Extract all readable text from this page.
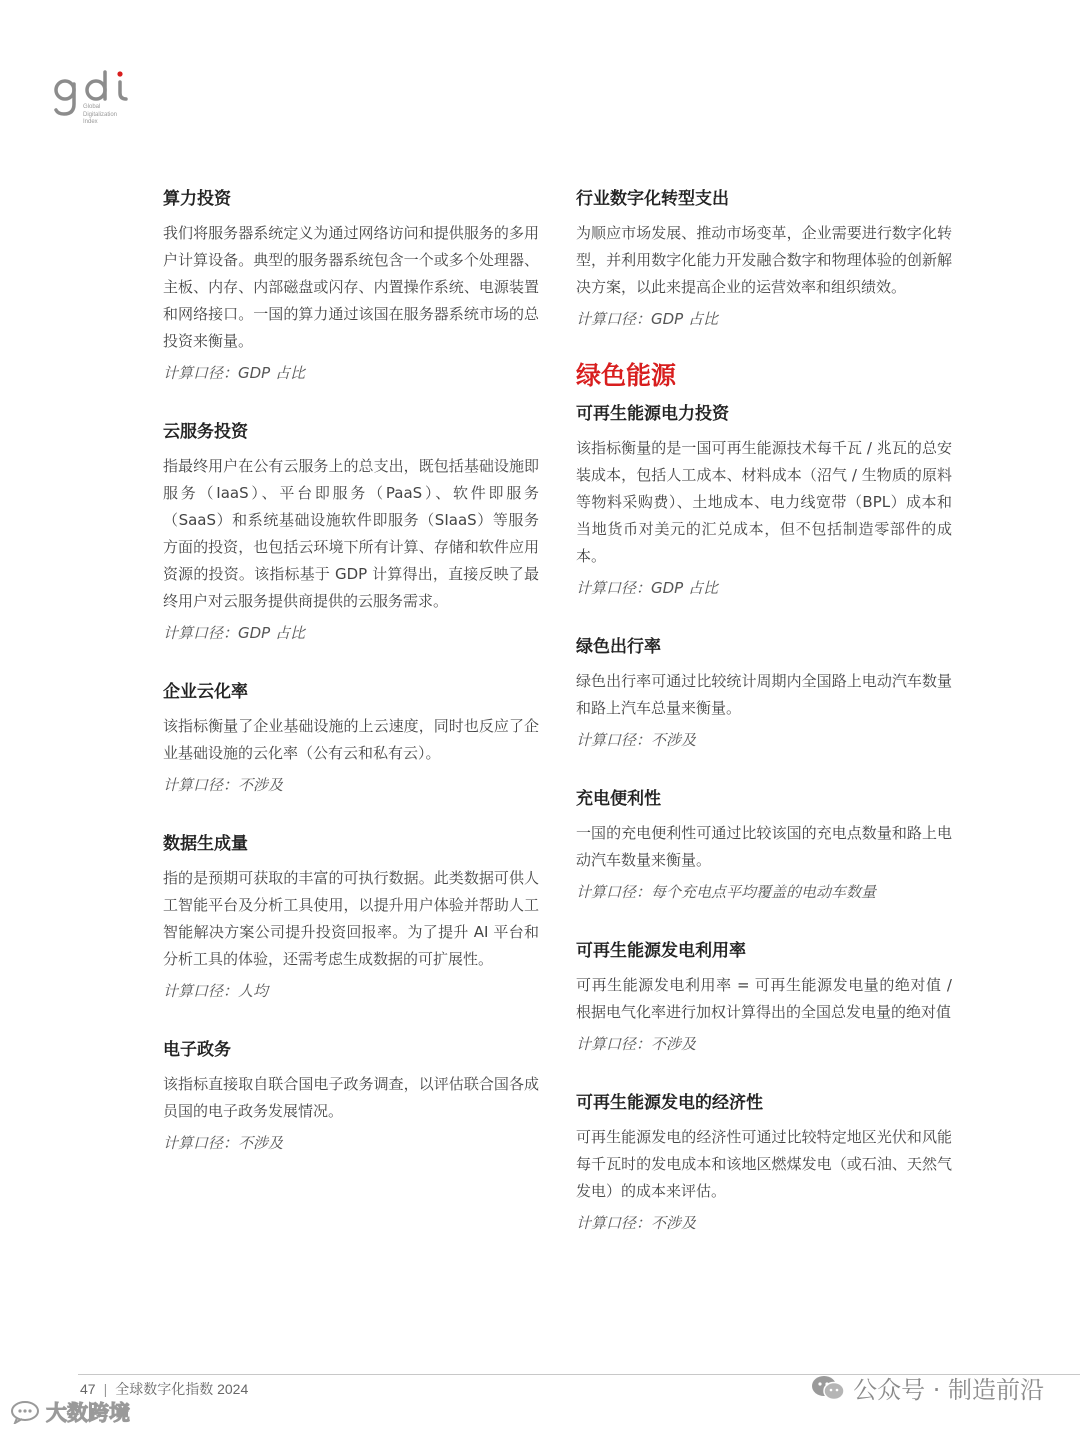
Global
Digitalization
Index
算力投资

我们将服务器系统定义为通过网络访问和提供服务的多用户计算设备。典型的服务器系统包含一个或多个处理器、主板、内存、内部磁盘或闪存、内置操作系统、电源装置和网络接口。一国的算力通过该国在服务器系统市场的总投资来衡量。

计算口径：GDP 占比
云服务投资

指最终用户在公有云服务上的总支出，既包括基础设施即服务（IaaS）、平台即服务（PaaS）、软件即服务（SaaS）和系统基础设施软件即服务（SIaaS）等服务方面的投资，也包括云环境下所有计算、存储和软件应用资源的投资。该指标基于 GDP 计算得出，直接反映了最终用户对云服务提供商提供的云服务需求。

计算口径：GDP 占比
企业云化率

该指标衡量了企业基础设施的上云速度，同时也反应了企业基础设施的云化率（公有云和私有云）。

计算口径：不涉及
数据生成量

指的是预期可获取的丰富的可执行数据。此类数据可供人工智能平台及分析工具使用，以提升用户体验并帮助人工智能解决方案公司提升投资回报率。为了提升 AI 平台和分析工具的体验，还需考虑生成数据的可扩展性。

计算口径：人均
电子政务

该指标直接取自联合国电子政务调查，以评估联合国各成员国的电子政务发展情况。

计算口径：不涉及
行业数字化转型支出

为顺应市场发展、推动市场变革，企业需要进行数字化转型，并利用数字化能力开发融合数字和物理体验的创新解决方案，以此来提高企业的运营效率和组织绩效。

计算口径：GDP 占比
绿色能源
可再生能源电力投资

该指标衡量的是一国可再生能源技术每千瓦 / 兆瓦的总安装成本，包括人工成本、材料成本（沼气 / 生物质的原料等物料采购费）、土地成本、电力线宽带（BPL）成本和当地货币对美元的汇兑成本，但不包括制造零部件的成本。

计算口径：GDP 占比
绿色出行率

绿色出行率可通过比较统计周期内全国路上电动汽车数量和路上汽车总量来衡量。

计算口径：不涉及
充电便利性

一国的充电便利性可通过比较该国的充电点数量和路上电动汽车数量来衡量。

计算口径：每个充电点平均覆盖的电动车数量
可再生能源发电利用率

可再生能源发电利用率 = 可再生能源发电量的绝对值 / 根据电气化率进行加权计算得出的全国总发电量的绝对值

计算口径：不涉及
可再生能源发电的经济性

可再生能源发电的经济性可通过比较特定地区光伏和风能每千瓦时的发电成本和该地区燃煤发电（或石油、天然气发电）的成本来评估。

计算口径：不涉及
47 | 全球数字化指数 2024	公众号 · 制造前沿
大数跨境
